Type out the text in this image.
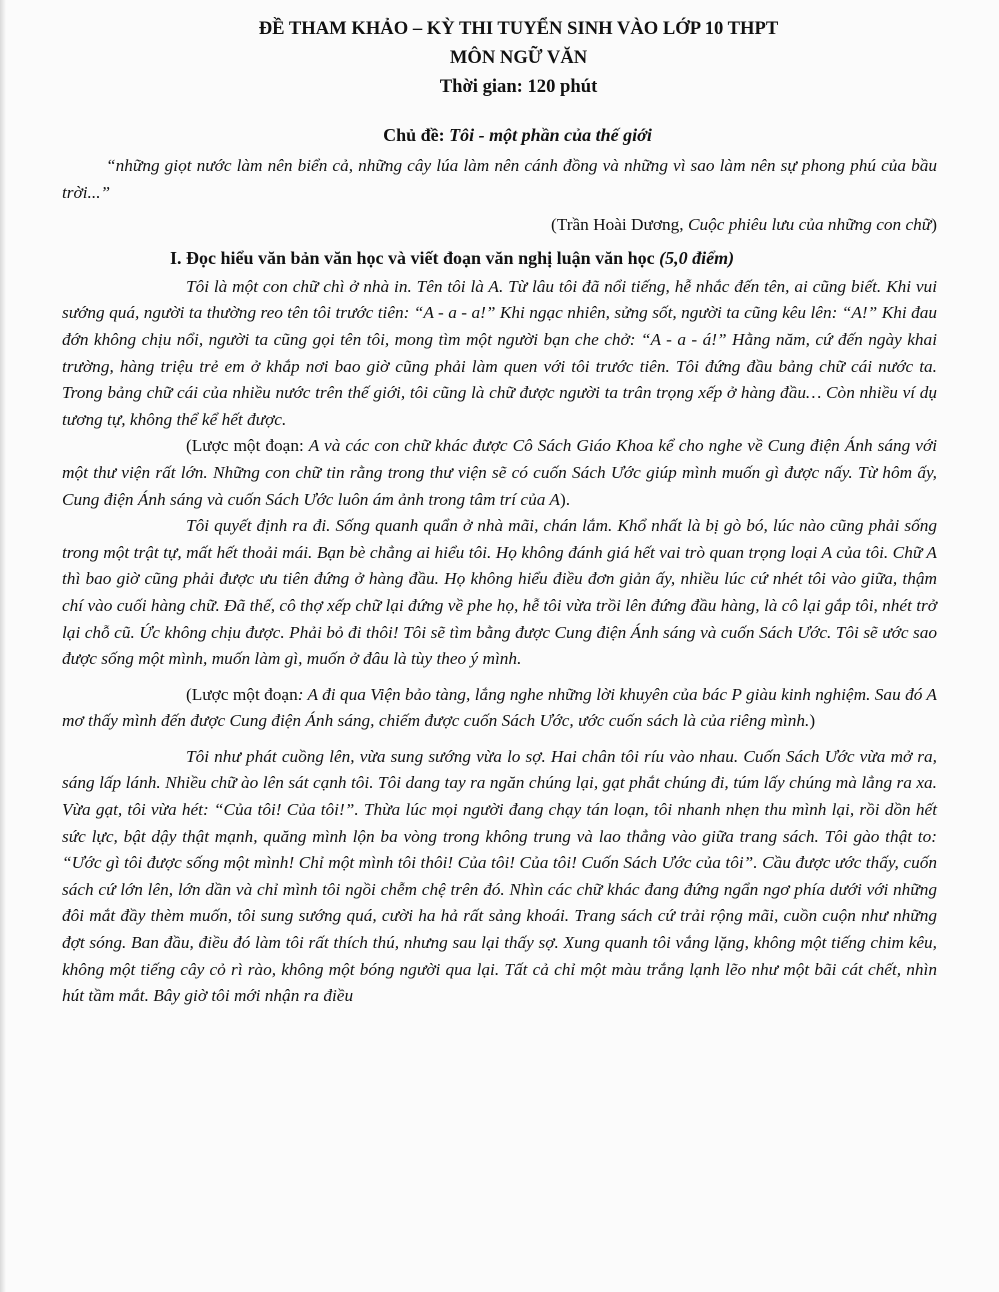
ĐỀ THAM KHẢO – KỲ THI TUYỂN SINH VÀO LỚP 10 THPT
MÔN NGỮ VĂN
Thời gian: 120 phút
Chủ đề: Tôi - một phần của thế giới
“những giọt nước làm nên biển cả, những cây lúa làm nên cánh đồng và những vì sao làm nên sự phong phú của bầu trời...”
(Trần Hoài Dương, Cuộc phiêu lưu của những con chữ)
I. Đọc hiểu văn bản văn học và viết đoạn văn nghị luận văn học (5,0 điểm)

Tôi là một con chữ chì ở nhà in. Tên tôi là A. Từ lâu tôi đã nổi tiếng, hễ nhắc đến tên, ai cũng biết. Khi vui sướng quá, người ta thường reo tên tôi trước tiên: “A - a - a!” Khi ngạc nhiên, sửng sốt, người ta cũng kêu lên: “A!” Khi đau đớn không chịu nổi, người ta cũng gọi tên tôi, mong tìm một người bạn che chở: “A - a - á!” Hằng năm, cứ đến ngày khai trường, hàng triệu trẻ em ở khắp nơi bao giờ cũng phải làm quen với tôi trước tiên. Tôi đứng đầu bảng chữ cái nước ta. Trong bảng chữ cái của nhiều nước trên thế giới, tôi cũng là chữ được người ta trân trọng xếp ở hàng đầu… Còn nhiều ví dụ tương tự, không thể kể hết được.

(Lược một đoạn: A và các con chữ khác được Cô Sách Giáo Khoa kể cho nghe về Cung điện Ánh sáng với một thư viện rất lớn. Những con chữ tin rằng trong thư viện sẽ có cuốn Sách Ước giúp mình muốn gì được nấy. Từ hôm ấy, Cung điện Ánh sáng và cuốn Sách Ước luôn ám ảnh trong tâm trí của A).

Tôi quyết định ra đi. Sống quanh quẩn ở nhà mãi, chán lắm. Khổ nhất là bị gò bó, lúc nào cũng phải sống trong một trật tự, mất hết thoải mái. Bạn bè chẳng ai hiểu tôi. Họ không đánh giá hết vai trò quan trọng loại A của tôi. Chữ A thì bao giờ cũng phải được ưu tiên đứng ở hàng đầu. Họ không hiểu điều đơn giản ấy, nhiều lúc cứ nhét tôi vào giữa, thậm chí vào cuối hàng chữ. Đã thế, cô thợ xếp chữ lại đứng về phe họ, hễ tôi vừa trồi lên đứng đầu hàng, là cô lại gắp tôi, nhét trở lại chỗ cũ. Ức không chịu được. Phải bỏ đi thôi! Tôi sẽ tìm bằng được Cung điện Ánh sáng và cuốn Sách Ước. Tôi sẽ ước sao được sống một mình, muốn làm gì, muốn ở đâu là tùy theo ý mình.

(Lược một đoạn: A đi qua Viện bảo tàng, lắng nghe những lời khuyên của bác P giàu kinh nghiệm. Sau đó A mơ thấy mình đến được Cung điện Ánh sáng, chiếm được cuốn Sách Ước, ước cuốn sách là của riêng mình.)

Tôi như phát cuồng lên, vừa sung sướng vừa lo sợ. Hai chân tôi ríu vào nhau. Cuốn Sách Ước vừa mở ra, sáng lấp lánh. Nhiều chữ ào lên sát cạnh tôi. Tôi dang tay ra ngăn chúng lại, gạt phắt chúng đi, túm lấy chúng mà lẳng ra xa. Vừa gạt, tôi vừa hét: “Của tôi! Của tôi!”. Thừa lúc mọi người đang chạy tán loạn, tôi nhanh nhẹn thu mình lại, rồi dồn hết sức lực, bật dậy thật mạnh, quăng mình lộn ba vòng trong không trung và lao thẳng vào giữa trang sách. Tôi gào thật to: “Ước gì tôi được sống một mình! Chỉ một mình tôi thôi! Của tôi! Của tôi! Cuốn Sách Ước của tôi”. Cầu được ước thấy, cuốn sách cứ lớn lên, lớn dần và chỉ mình tôi ngồi chễm chệ trên đó. Nhìn các chữ khác đang đứng ngẩn ngơ phía dưới với những đôi mắt đầy thèm muốn, tôi sung sướng quá, cười ha hả rất sảng khoái. Trang sách cứ trải rộng mãi, cuồn cuộn như những đợt sóng. Ban đầu, điều đó làm tôi rất thích thú, nhưng sau lại thấy sợ. Xung quanh tôi vắng lặng, không một tiếng chim kêu, không một tiếng cây cỏ rì rào, không một bóng người qua lại. Tất cả chỉ một màu trắng lạnh lẽo như một bãi cát chết, nhìn hút tầm mắt. Bây giờ tôi mới nhận ra điều
